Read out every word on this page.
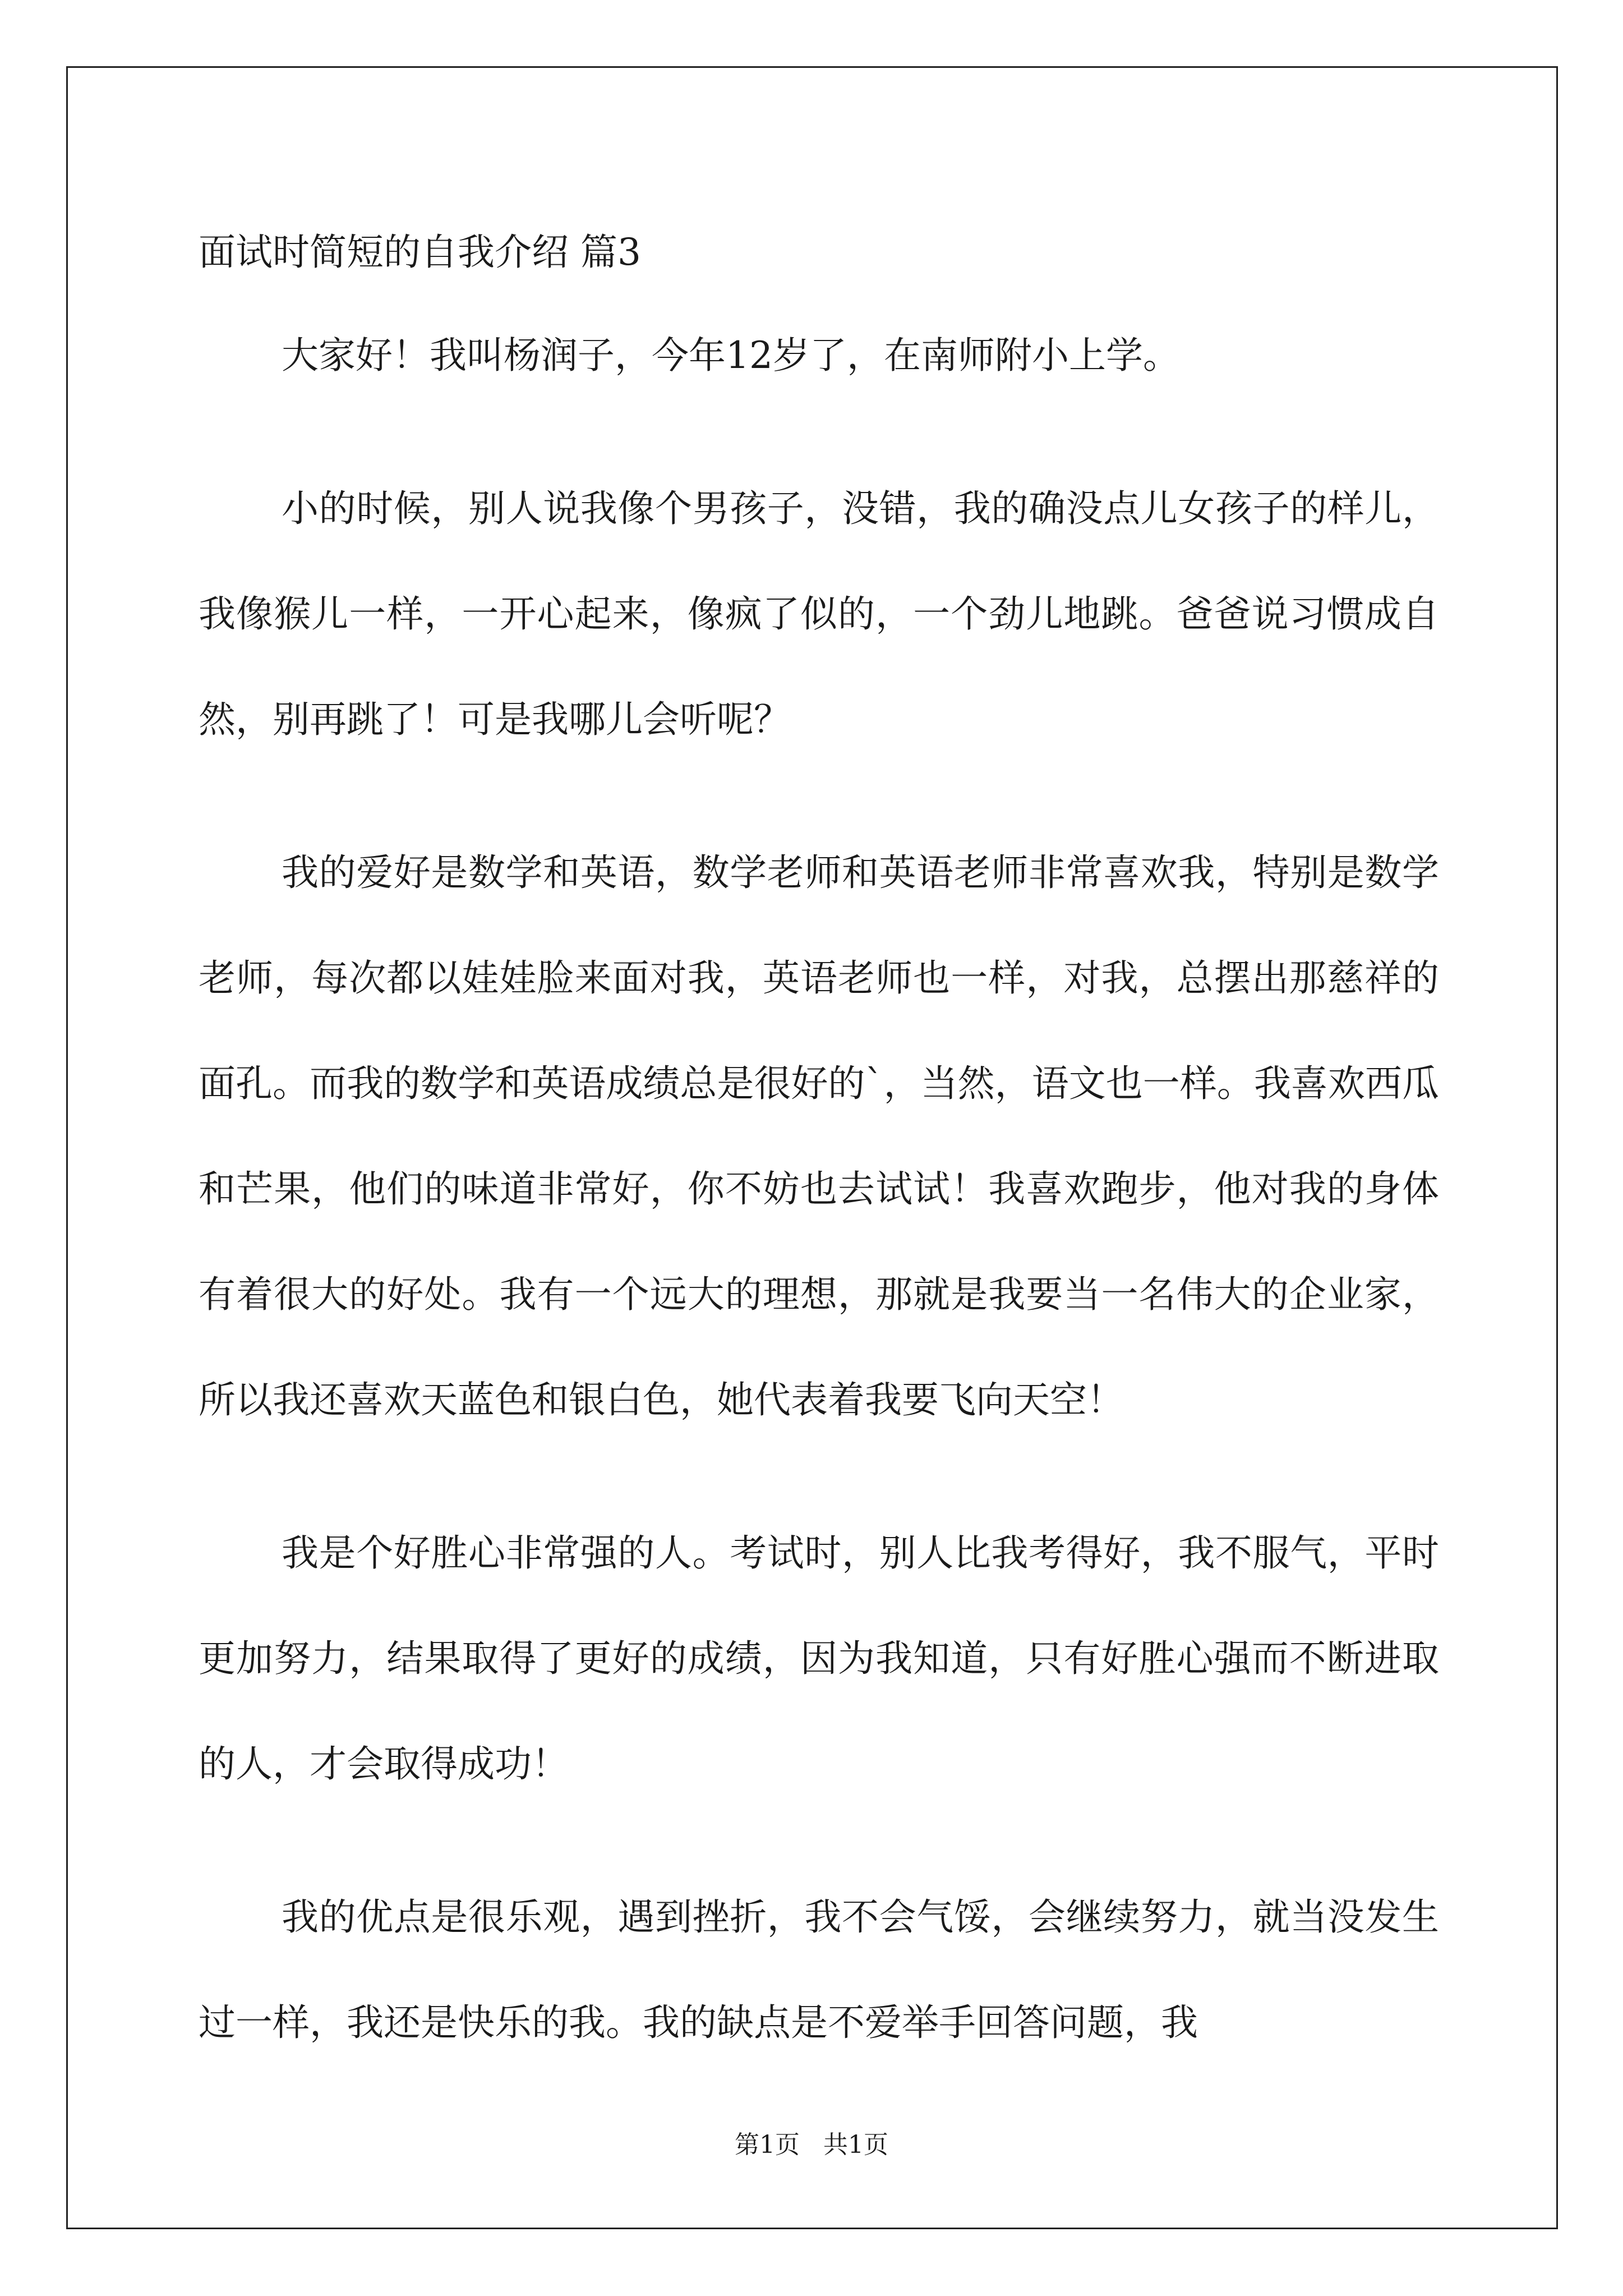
面试时简短的自我介绍 篇3

大家好！我叫杨润子，今年12岁了，在南师附小上学。

小的时候，别人说我像个男孩子，没错，我的确没点儿女孩子的样儿，我像猴儿一样，一开心起来，像疯了似的，一个劲儿地跳。爸爸说习惯成自然，别再跳了！可是我哪儿会听呢？

我的爱好是数学和英语，数学老师和英语老师非常喜欢我，特别是数学老师，每次都以娃娃脸来面对我，英语老师也一样，对我，总摆出那慈祥的面孔。而我的数学和英语成绩总是很好的`，当然，语文也一样。我喜欢西瓜和芒果，他们的味道非常好，你不妨也去试试！我喜欢跑步，他对我的身体有着很大的好处。我有一个远大的理想，那就是我要当一名伟大的企业家，所以我还喜欢天蓝色和银白色，她代表着我要飞向天空！

我是个好胜心非常强的人。考试时，别人比我考得好，我不服气，平时更加努力，结果取得了更好的成绩，因为我知道，只有好胜心强而不断进取的人，才会取得成功！

我的优点是很乐观，遇到挫折，我不会气馁，会继续努力，就当没发生过一样，我还是快乐的我。我的缺点是不爱举手回答问题，我

第1页   共1页
